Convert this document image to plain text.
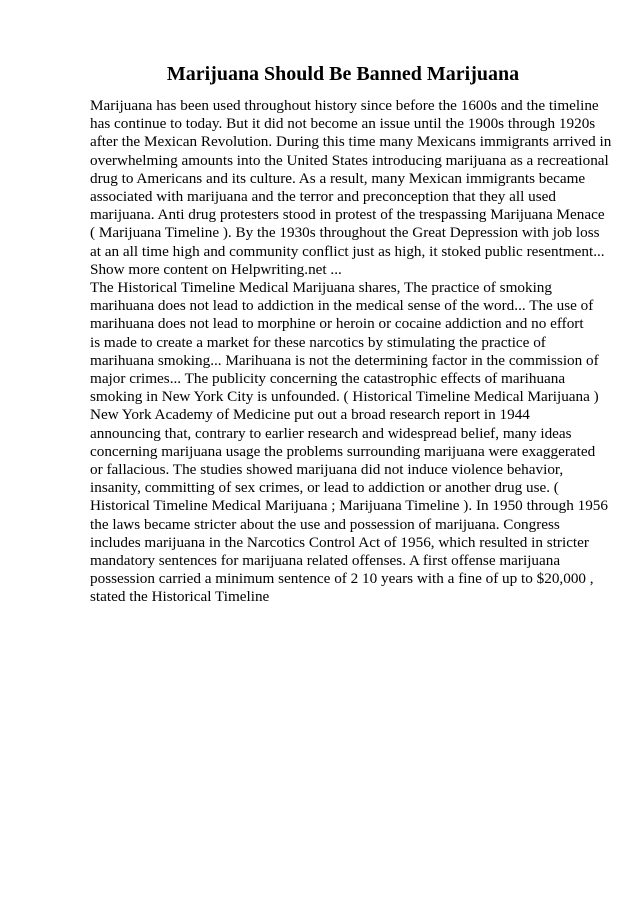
Marijuana Should Be Banned Marijuana
Marijuana has been used throughout history since before the 1600s and the timeline
has continue to today. But it did not become an issue until the 1900s through 1920s
after the Mexican Revolution. During this time many Mexicans immigrants arrived in
overwhelming amounts into the United States introducing marijuana as a recreational
drug to Americans and its culture. As a result, many Mexican immigrants became
associated with marijuana and the terror and preconception that they all used
marijuana. Anti drug protesters stood in protest of the trespassing Marijuana Menace
( Marijuana Timeline ). By the 1930s throughout the Great Depression with job loss
at an all time high and community conflict just as high, it stoked public resentment...
Show more content on Helpwriting.net ...
The Historical Timeline Medical Marijuana shares, The practice of smoking
marihuana does not lead to addiction in the medical sense of the word... The use of
marihuana does not lead to morphine or heroin or cocaine addiction and no effort
is made to create a market for these narcotics by stimulating the practice of
marihuana smoking... Marihuana is not the determining factor in the commission of
major crimes... The publicity concerning the catastrophic effects of marihuana
smoking in New York City is unfounded. ( Historical Timeline Medical Marijuana )
New York Academy of Medicine put out a broad research report in 1944
announcing that, contrary to earlier research and widespread belief, many ideas
concerning marijuana usage the problems surrounding marijuana were exaggerated
or fallacious. The studies showed marijuana did not induce violence behavior,
insanity, committing of sex crimes, or lead to addiction or another drug use. (
Historical Timeline Medical Marijuana ; Marijuana Timeline ). In 1950 through 1956
the laws became stricter about the use and possession of marijuana. Congress
includes marijuana in the Narcotics Control Act of 1956, which resulted in stricter
mandatory sentences for marijuana related offenses. A first offense marijuana
possession carried a minimum sentence of 2 10 years with a fine of up to $20,000 ,
stated the Historical Timeline
